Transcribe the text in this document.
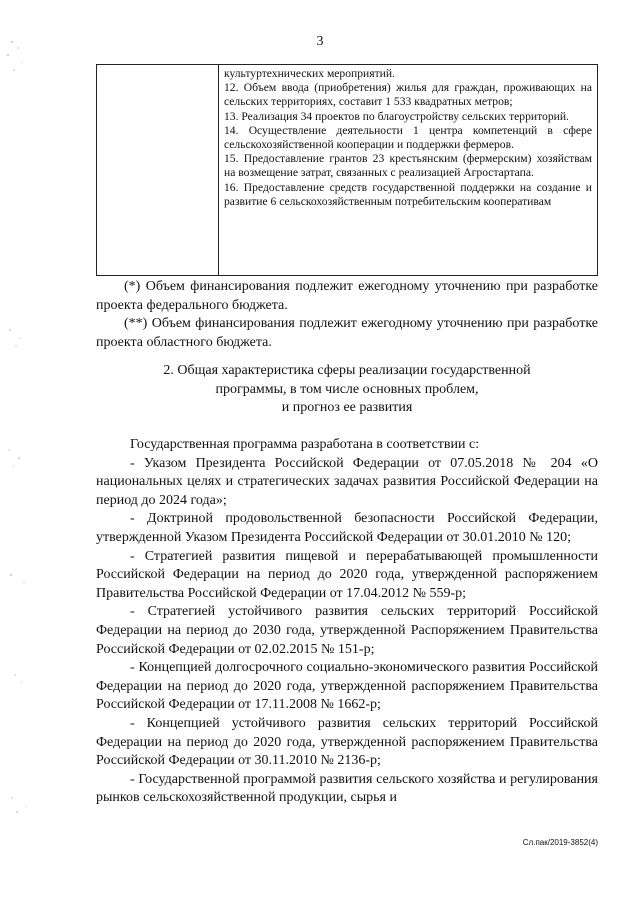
3

культуртехнических мероприятий.

12. Объем ввода (приобретения) жилья для граждан, проживающих на сельских территориях, составит 1 533 квадратных метров;

13. Реализация 34 проектов по благоустройству сельских территорий.

14. Осуществление деятельности 1 центра компетенций в сфере сельскохозяйственной кооперации и поддержки фермеров.

15. Предоставление грантов 23 крестьянским (фермерским) хозяйствам на возмещение затрат, связанных с реализацией Агростартапа.

16. Предоставление средств государственной поддержки на создание и развитие 6 сельскохозяйственным потребительским кооперативам

(*) Объем финансирования подлежит ежегодному уточнению при разработке проекта федерального бюджета.

(**) Объем финансирования подлежит ежегодному уточнению при разработке проекта областного бюджета.

2. Общая характеристика сферы реализации государственной
программы, в том числе основных проблем,
и прогноз ее развития

Государственная программа разработана в соответствии с:

- Указом Президента Российской Федерации от 07.05.2018 № 204 «О национальных целях и стратегических задачах развития Российской Федерации на период до 2024 года»;

- Доктриной продовольственной безопасности Российской Федерации, утвержденной Указом Президента Российской Федерации от 30.01.2010 № 120;

- Стратегией развития пищевой и перерабатывающей промышленности Российской Федерации на период до 2020 года, утвержденной распоряжением Правительства Российской Федерации от 17.04.2012 № 559-р;

- Стратегией устойчивого развития сельских территорий Российской Федерации на период до 2030 года, утвержденной Распоряжением Правительства Российской Федерации от 02.02.2015 № 151-р;

- Концепцией долгосрочного социально-экономического развития Российской Федерации на период до 2020 года, утвержденной распоряжением Правительства Российской Федерации от 17.11.2008 № 1662-р;

- Концепцией устойчивого развития сельских территорий Российской Федерации на период до 2020 года, утвержденной распоряжением Правительства Российской Федерации от 30.11.2010 № 2136-р;

- Государственной программой развития сельского хозяйства и регулирования рынков сельскохозяйственной продукции, сырья и

Сл.пак/2019-3852(4)
